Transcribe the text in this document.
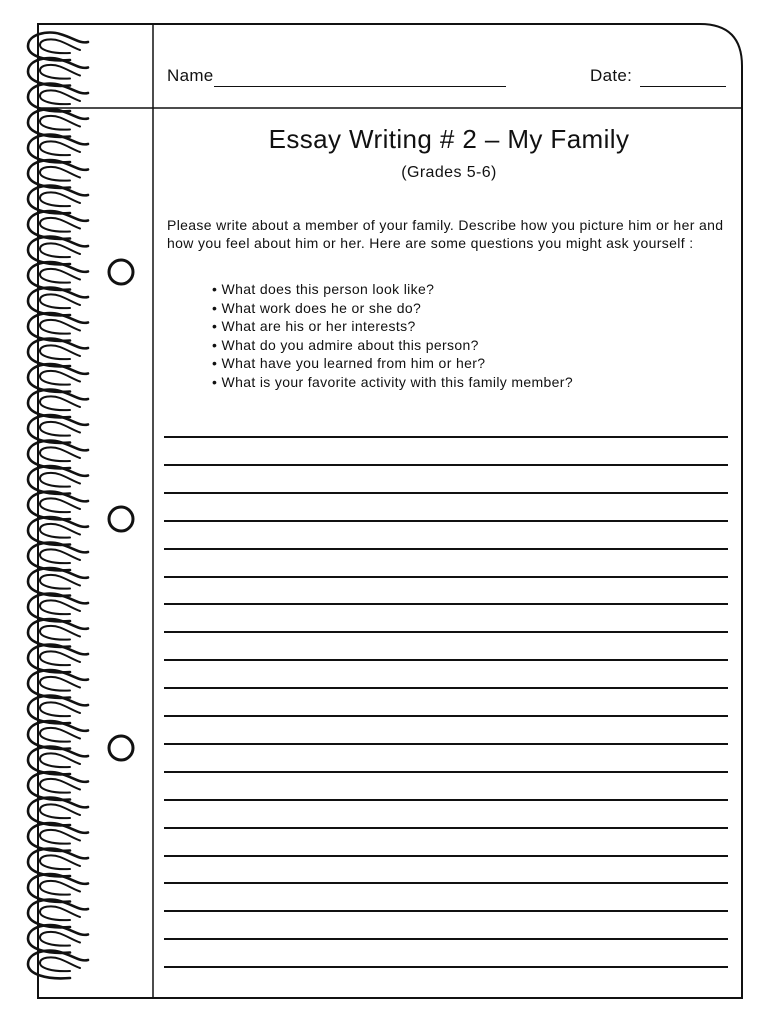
Name	Date:
Essay Writing # 2 – My Family
(Grades 5-6)

Please write about a member of your family. Describe how you picture him or her and how you feel about him or her. Here are some questions you might ask yourself :

• What does this person look like?
• What work does he or she do?
• What are his or her interests?
• What do you admire about this person?
• What have you learned from him or her?
• What is your favorite activity with this family member?
